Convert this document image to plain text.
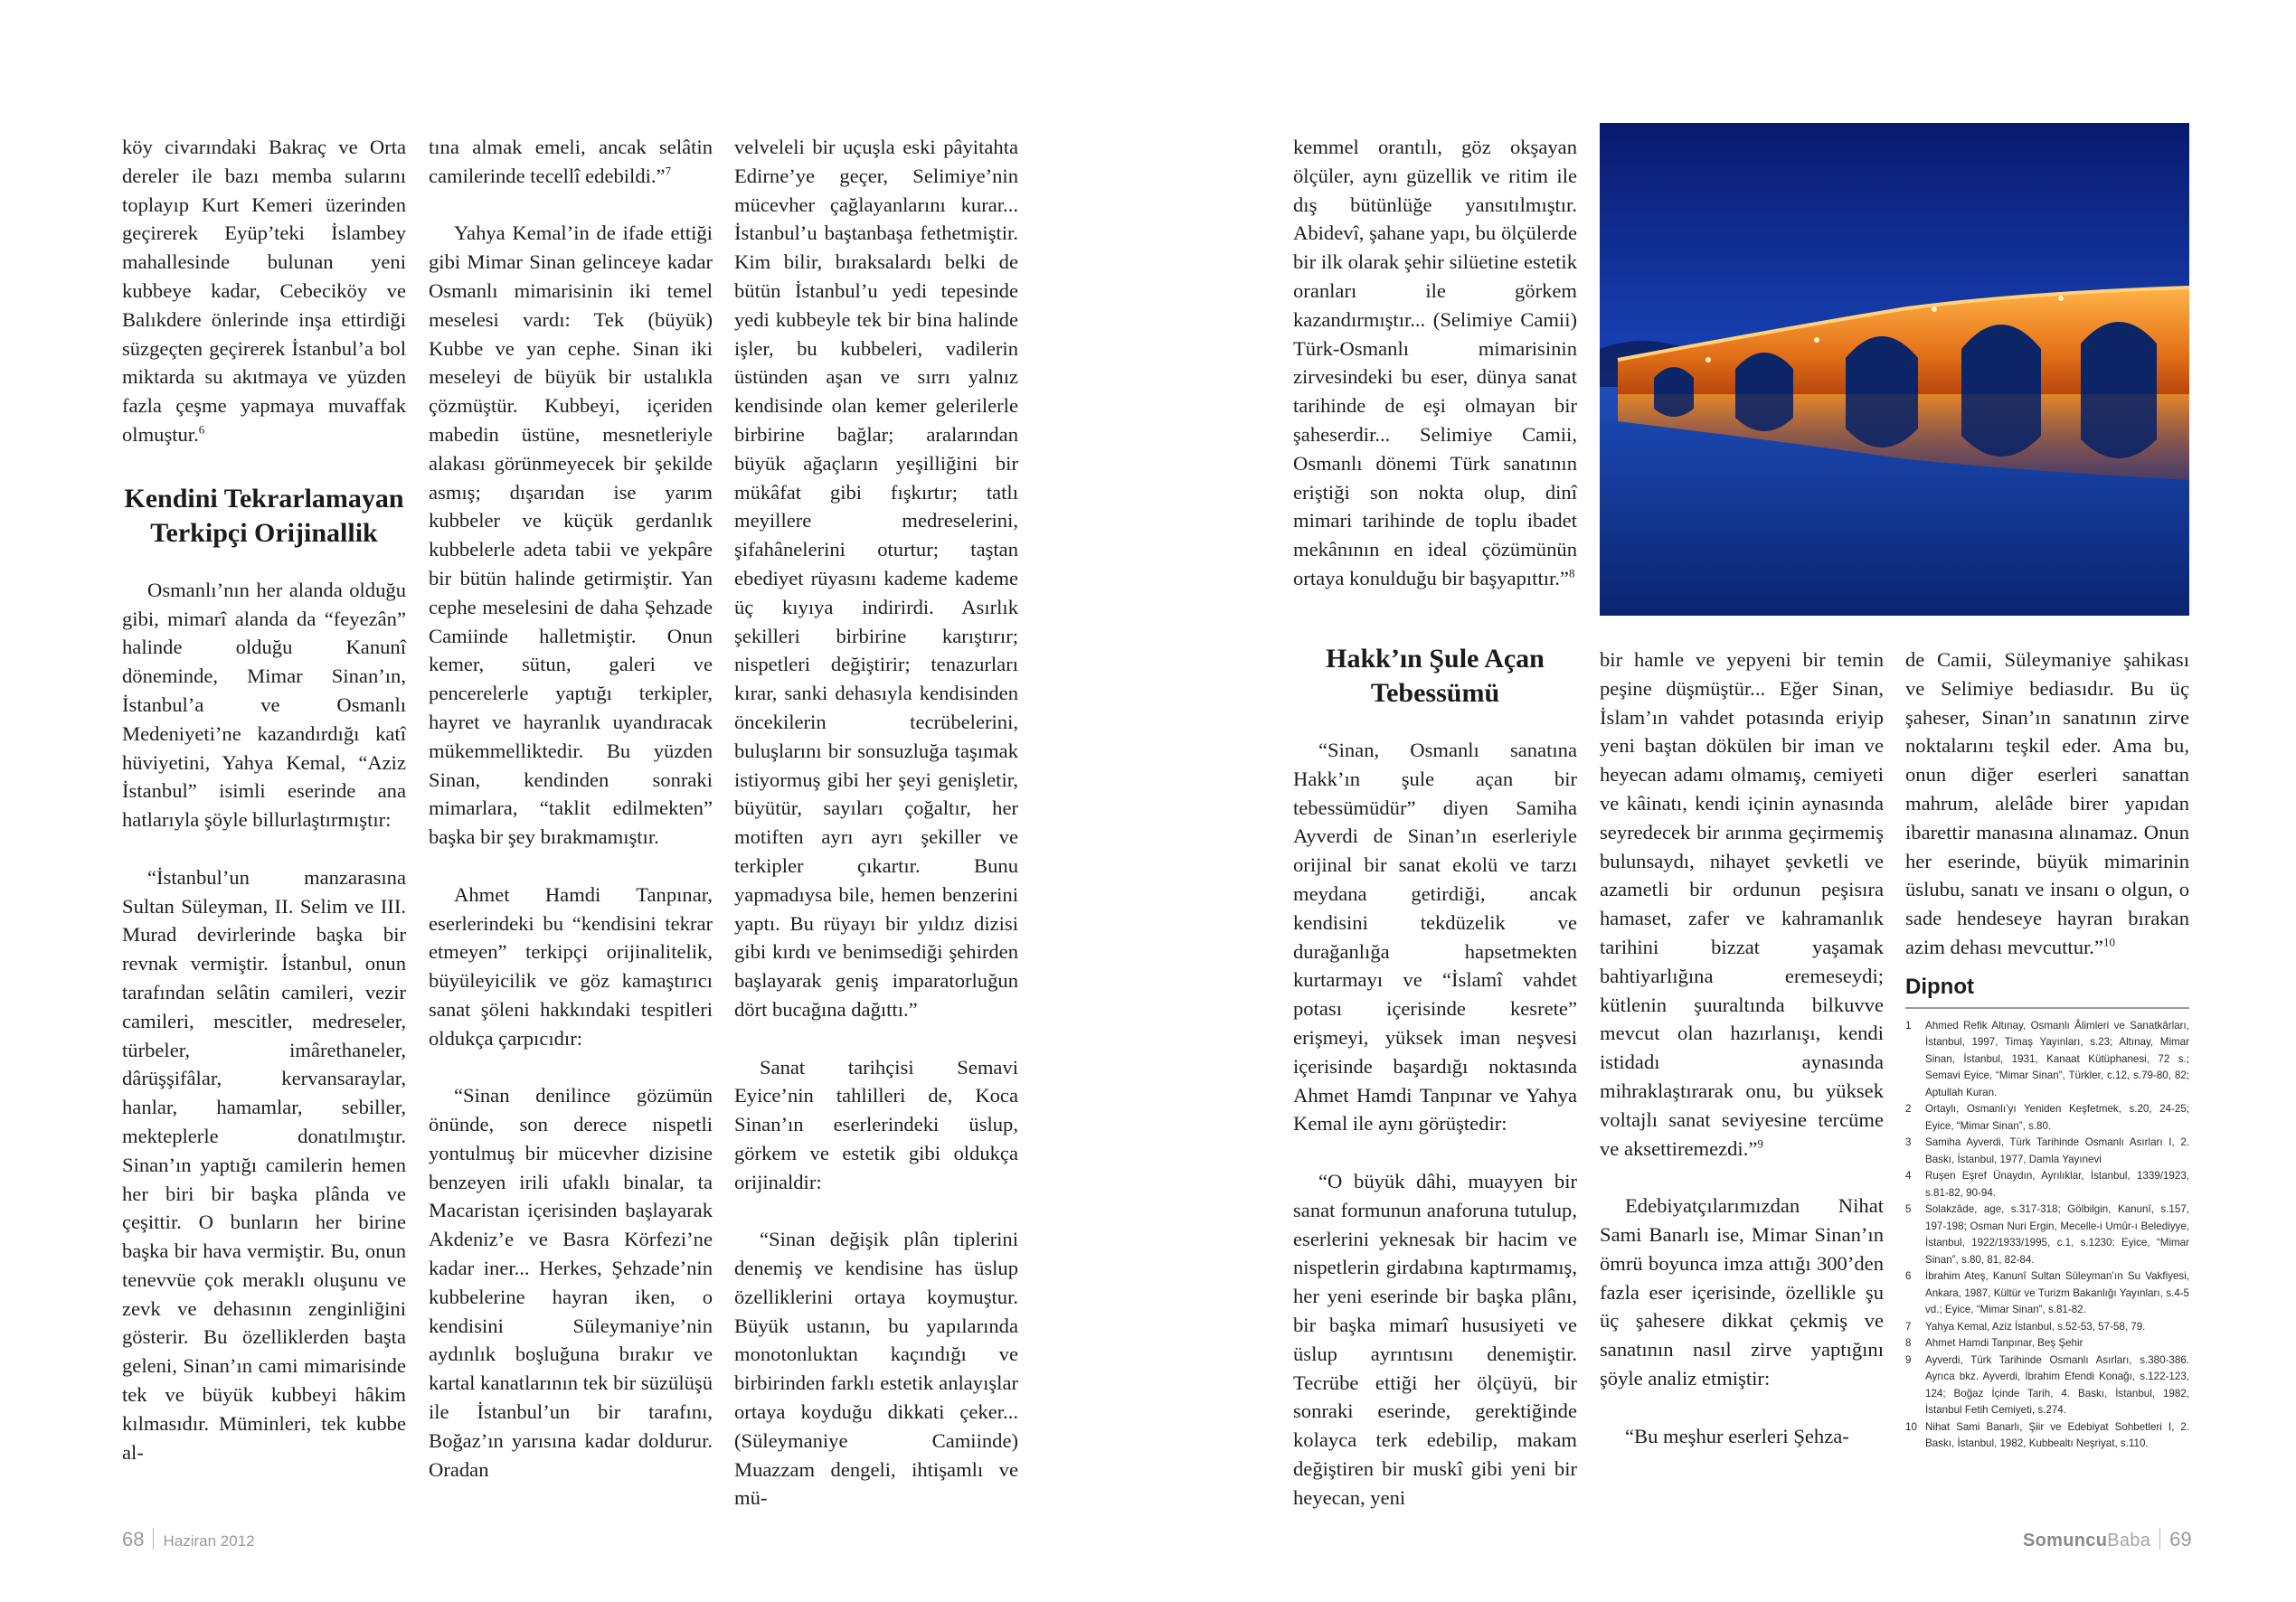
köy civarındaki Bakraç ve Orta dereler ile bazı memba sularını toplayıp Kurt Kemeri üzerinden geçirerek Eyüp’teki İslambey mahallesinde bulunan yeni kubbeye kadar, Cebeciköy ve Balıkdere önlerinde inşa ettirdiği süzgeçten geçirerek İstanbul’a bol miktarda su akıtmaya ve yüzden fazla çeşme yapmaya muvaffak olmuştur.$^6$

Kendini Tekrarlamayan Terkipçi Orijinallik

Osmanlı’nın her alanda olduğu gibi, mimarî alanda da “feyezân” halinde olduğu Kanunî döneminde, Mimar Sinan’ın, İstanbul’a ve Osmanlı Medeniyeti’ne kazandırdığı katî hüviyetini, Yahya Kemal, “Aziz İstanbul” isimli eserinde ana hatlarıyla şöyle billurlaştırmıştır:

“İstanbul’un manzarasına Sultan Süleyman, II. Selim ve III. Murad devirlerinde başka bir revnak vermiştir. İstanbul, onun tarafından selâtin camileri, vezir camileri, mescitler, medreseler, türbeler, imârethaneler, dârüşşifâlar, kervansaraylar, hanlar, hamamlar, sebiller, mekteplerle donatılmıştır. Sinan’ın yaptığı camilerin hemen her biri bir başka plânda ve çeşittir. O bunların her birine başka bir hava vermiştir. Bu, onun tenevvüe çok meraklı oluşunu ve zevk ve dehasının zenginliğini gösterir. Bu özelliklerden başta geleni, Sinan’ın cami mimarisinde tek ve büyük kubbeyi hâkim kılmasıdır. Müminleri, tek kubbe al-

tına almak emeli, ancak selâtin camilerinde tecellî edebildi.”$^7$

Yahya Kemal’in de ifade ettiği gibi Mimar Sinan gelinceye kadar Osmanlı mimarisinin iki temel meselesi vardı: Tek (büyük) Kubbe ve yan cephe. Sinan iki meseleyi de büyük bir ustalıkla çözmüştür. Kubbeyi, içeriden mabedin üstüne, mesnetleriyle alakası görünmeyecek bir şekilde asmış; dışarıdan ise yarım kubbeler ve küçük gerdanlık kubbelerle adeta tabii ve yekpâre bir bütün halinde getirmiştir. Yan cephe meselesini de daha Şehzade Camiinde halletmiştir. Onun kemer, sütun, galeri ve pencerelerle yaptığı terkipler, hayret ve hayranlık uyandıracak mükemmelliktedir. Bu yüzden Sinan, kendinden sonraki mimarlara, “taklit edilmekten” başka bir şey bırakmamıştır.

Ahmet Hamdi Tanpınar, eserlerindeki bu “kendisini tekrar etmeyen” terkipçi orijinalitelik, büyüleyicilik ve göz kamaştırıcı sanat şöleni hakkındaki tespitleri oldukça çarpıcıdır:

“Sinan denilince gözümün önünde, son derece nispetli yontulmuş bir mücevher dizisine benzeyen irili ufaklı binalar, ta Macaristan içerisinden başlayarak Akdeniz’e ve Basra Körfezi’ne kadar iner... Herkes, Şehzade’nin kubbelerine hayran iken, o kendisini Süleymaniye’nin aydınlık boşluğuna bırakır ve kartal kanatlarının tek bir süzülüşü ile İstanbul’un bir tarafını, Boğaz’ın yarısına kadar doldurur. Oradan

velveleli bir uçuşla eski pâyitahta Edirne’ye geçer, Selimiye’nin mücevher çağlayanlarını kurar... İstanbul’u baştanbaşa fethetmiştir. Kim bilir, bıraksalardı belki de bütün İstanbul’u yedi tepesinde yedi kubbeyle tek bir bina halinde işler, bu kubbeleri, vadilerin üstünden aşan ve sırrı yalnız kendisinde olan kemer gelerilerle birbirine bağlar; aralarından büyük ağaçların yeşilliğini bir mükâfat gibi fışkırtır; tatlı meyillere medreselerini, şifahânelerini oturtur; taştan ebediyet rüyasını kademe kademe üç kıyıya indirirdi. Asırlık şekilleri birbirine karıştırır; nispetleri değiştirir; tenazurları kırar, sanki dehasıyla kendisinden öncekilerin tecrübelerini, buluşlarını bir sonsuzluğa taşımak istiyormuş gibi her şeyi genişletir, büyütür, sayıları çoğaltır, her motiften ayrı ayrı şekiller ve terkipler çıkartır. Bunu yapmadıysa bile, hemen benzerini yaptı. Bu rüyayı bir yıldız dizisi gibi kırdı ve benimsediği şehirden başlayarak geniş imparatorluğun dört bucağına dağıttı.”

Sanat tarihçisi Semavi Eyice’nin tahlilleri de, Koca Sinan’ın eserlerindeki üslup, görkem ve estetik gibi oldukça orijinaldir:

“Sinan değişik plân tiplerini denemiş ve kendisine has üslup özelliklerini ortaya koymuştur. Büyük ustanın, bu yapılarında monotonluktan kaçındığı ve birbirinden farklı estetik anlayışlar ortaya koyduğu dikkati çeker... (Süleymaniye Camiinde) Muazzam dengeli, ihtişamlı ve mü-

68 Haziran 2012

kemmel orantılı, göz okşayan ölçüler, aynı güzellik ve ritim ile dış bütünlüğe yansıtılmıştır. Abidevî, şahane yapı, bu ölçülerde bir ilk olarak şehir silüetine estetik oranları ile görkem kazandırmıştır... (Selimiye Camii) Türk-Osmanlı mimarisinin zirvesindeki bu eser, dünya sanat tarihinde de eşi olmayan bir şaheserdir... Selimiye Camii, Osmanlı dönemi Türk sanatının eriştiği son nokta olup, dinî mimari tarihinde de toplu ibadet mekânının en ideal çözümünün ortaya konulduğu bir başyapıttır.”$^8$

Hakk’ın Şule Açan Tebessümü

“Sinan, Osmanlı sanatına Hakk’ın şule açan bir tebessümüdür” diyen Samiha Ayverdi de Sinan’ın eserleriyle orijinal bir sanat ekolü ve tarzı meydana getirdiği, ancak kendisini tekdüzelik ve durağanlığa hapsetmekten kurtarmayı ve “İslamî vahdet potası içerisinde kesrete” erişmeyi, yüksek iman neşvesi içerisinde başardığı noktasında Ahmet Hamdi Tanpınar ve Yahya Kemal ile aynı görüştedir:

“O büyük dâhi, muayyen bir sanat formunun anaforuna tutulup, eserlerini yeknesak bir hacim ve nispetlerin girdabına kaptırmamış, her yeni eserinde bir başka plânı, bir başka mimarî hususiyeti ve üslup ayrıntısını denemiştir. Tecrübe ettiği her ölçüyü, bir sonraki eserinde, gerektiğinde kolayca terk edebilip, makam değiştiren bir muskî gibi yeni bir heyecan, yeni

bir hamle ve yepyeni bir temin peşine düşmüştür... Eğer Sinan, İslam’ın vahdet potasında eriyip yeni baştan dökülen bir iman ve heyecan adamı olmamış, cemiyeti ve kâinatı, kendi içinin aynasında seyredecek bir arınma geçirmemiş bulunsaydı, nihayet şevketli ve azametli bir ordunun peşisıra hamaset, zafer ve kahramanlık tarihini bizzat yaşamak bahtiyarlığına eremeseydi; kütlenin şuuraltında bilkuvve mevcut olan hazırlanışı, kendi istidadı aynasında mihraklaştırarak onu, bu yüksek voltajlı sanat seviyesine tercüme ve aksettiremezdi.”$^9$

Edebiyatçılarımızdan Nihat Sami Banarlı ise, Mimar Sinan’ın ömrü boyunca imza attığı 300’den fazla eser içerisinde, özellikle şu üç şahesere dikkat çekmiş ve sanatının nasıl zirve yaptığını şöyle analiz etmiştir:

“Bu meşhur eserleri Şehza-

de Camii, Süleymaniye şahikası ve Selimiye bediasıdır. Bu üç şaheser, Sinan’ın sanatının zirve noktalarını teşkil eder. Ama bu, onun diğer eserleri sanattan mahrum, alelâde birer yapıdan ibarettir manasına alınamaz. Onun her eserinde, büyük mimarinin üslubu, sanatı ve insanı o olgun, o sade hendeseye hayran bırakan azim dehası mevcuttur.”$^{10}$

Dipnot
1	Ahmed Refik Altınay, Osmanlı Âlimleri ve Sanatkârları, İstanbul, 1997, Timaş Yayınları, s.23; Altınay, Mimar Sinan, İstanbul, 1931, Kanaat Kütüphanesi, 72 s.; Semavi Eyice, “Mimar Sinan”, Türkler, c.12, s.79-80, 82; Aptullah Kuran.
2	Ortaylı, Osmanlı’yı Yeniden Keşfetmek, s.20, 24-25; Eyice, “Mimar Sinan”, s.80.
3	Samiha Ayverdi, Türk Tarihinde Osmanlı Asırları I, 2. Baskı, İstanbul, 1977, Damla Yayınevi
4	Ruşen Eşref Ünaydın, Ayrılıklar, İstanbul, 1339/1923, s.81-82, 90-94.
5	Solakzâde, age, s.317-318; Gölbilgin, Kanunî, s.157, 197-198; Osman Nuri Ergin, Mecelle-i Umûr-ı Belediyye, İstanbul, 1922/1933/1995, c.1, s.1230; Eyice, “Mimar Sinan”, s.80, 81, 82-84.
6	İbrahim Ateş, Kanunî Sultan Süleyman’ın Su Vakfiyesi, Ankara, 1987, Kültür ve Turizm Bakanlığı Yayınları, s.4-5 vd.; Eyice, “Mimar Sinan”, s.81-82.
7	Yahya Kemal, Aziz İstanbul, s.52-53, 57-58, 79.
8	Ahmet Hamdi Tanpınar, Beş Şehir
9	Ayverdi, Türk Tarihinde Osmanlı Asırları, s.380-386. Ayrıca bkz. Ayverdi, İbrahim Efendi Konağı, s.122-123, 124; Boğaz İçinde Tarih, 4. Baskı, İstanbul, 1982, İstanbul Fetih Cemiyeti, s.274.
10 Nihat Sami Banarlı, Şiir ve Edebiyat Sohbetleri I, 2. Baskı, İstanbul, 1982, Kubbealtı Neşriyat, s.110.
SomuncuBaba 69
